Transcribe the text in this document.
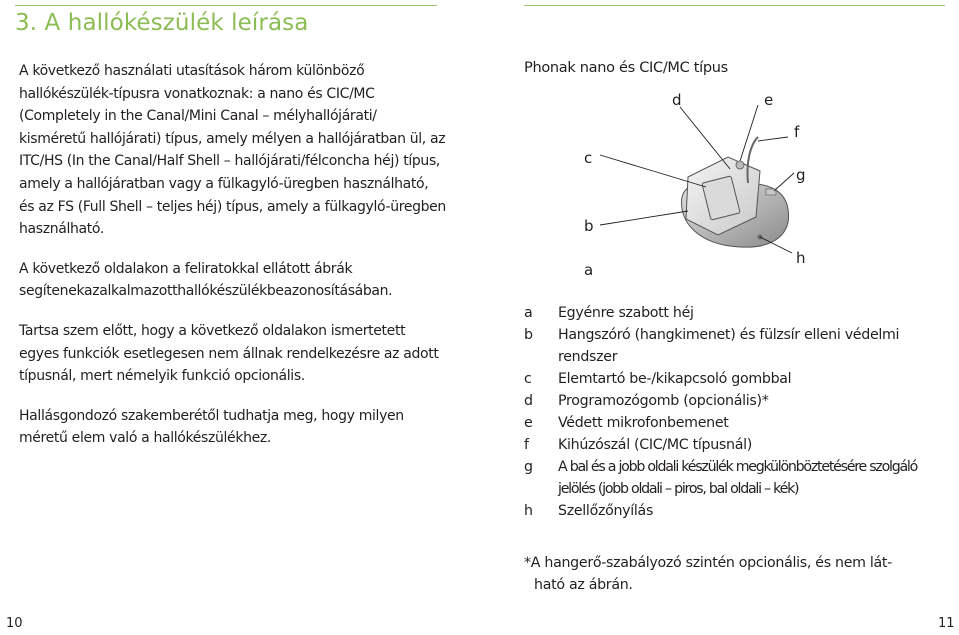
3. A hallókészülék leírása

A következő használati utasítások három különböző hallókészülék-típusra vonatkoznak: a nano és CIC/MC (Completely in the Canal/Mini Canal – mélyhallójárati/ kisméretű hallójárati) típus, amely mélyen a hallójáratban ül, az ITC/HS (In the Canal/Half Shell – hallójárati/félconcha héj) típus, amely a hallójáratban vagy a fülkagyló-üregben használható, és az FS (Full Shell – teljes héj) típus, amely a fülkagyló-üregben használható.

A következő oldalakon a feliratokkal ellátott ábrák segítenekazalkalmazotthallókészülékbeazonosításában.

Tartsa szem előtt, hogy a következő oldalakon ismertetett egyes funkciók esetlegesen nem állnak rendelkezésre az adott típusnál, mert némelyik funkció opcionális.

Hallásgondozó szakemberétől tudhatja meg, hogy milyen méretű elem való a hallókészülékhez.

Phonak nano és CIC/MC típus
d	e
f
c
g
b
h
a
a	Egyénre szabott héj
b	Hangszóró (hangkimenet) és fülzsír elleni védelmi rendszer
c	Elemtartó be-/kikapcsoló gombbal
d	Programozógomb (opcionális)*
e	Védett mikrofonbemenet
f	Kihúzószál (CIC/MC típusnál)
g	A bal és a jobb oldali készülék megkülönböztetésére szolgáló jelölés (jobb oldali – piros, bal oldali – kék)
h	Szellőzőnyílás
*A hangerő-szabályozó szintén opcionális, és nem lát-
ható az ábrán.
10	11
